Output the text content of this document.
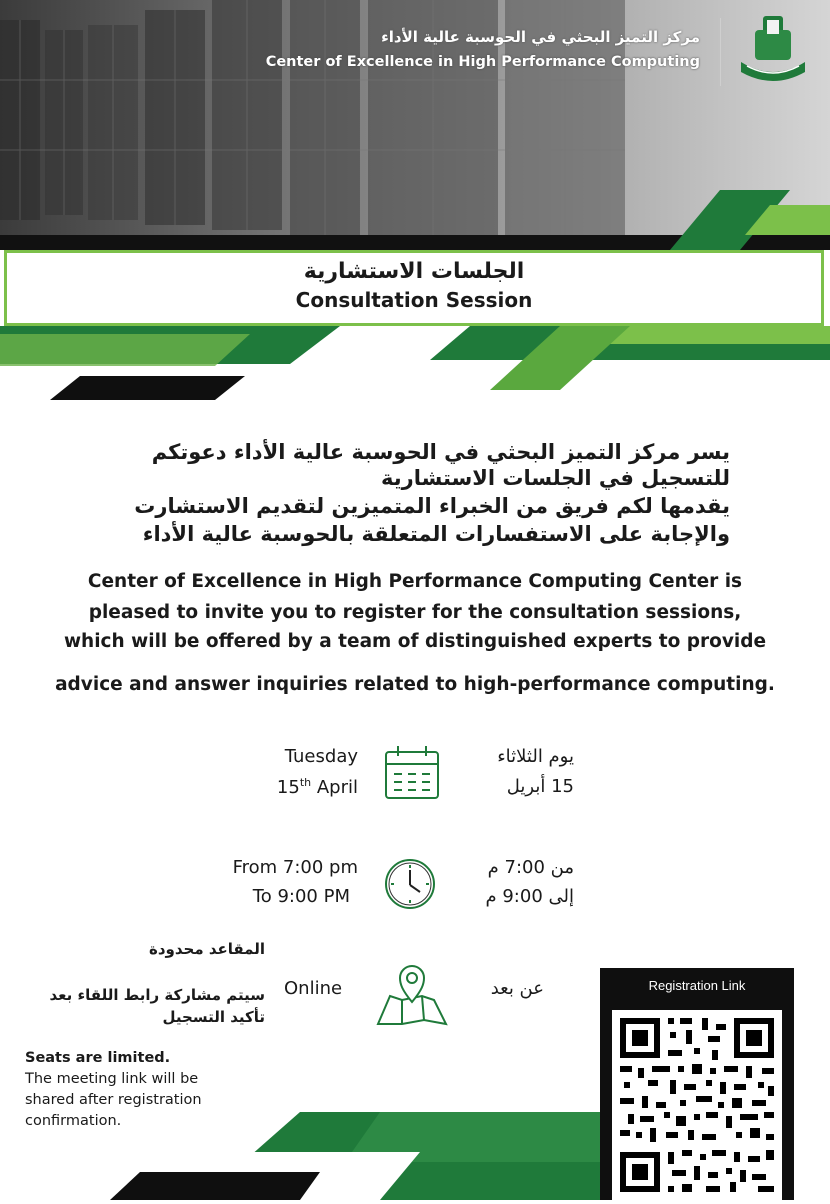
مركز التميز البحثي في الحوسبة عالية الأداء
Center of Excellence in High Performance Computing
الجلسات الاستشارية
Consultation Session
يسر مركز التميز البحثي في الحوسبة عالية الأداء دعوتكم
للتسجيل في الجلسات الاستشارية
يقدمها لكم فريق من الخبراء المتميزين لتقديم الاستشارت
والإجابة على الاستفسارات المتعلقة بالحوسبة عالية الأداء
Center of Excellence in High Performance Computing Center is
pleased to invite you to register for the consultation sessions,
which will be offered by a team of distinguished experts to provide
advice and answer inquiries related to high-performance computing.
Tuesday
15th April
يوم الثلاثاء
15 أبريل
From 7:00 pm
To 9:00 PM
من 7:00 م
إلى 9:00 م
المقاعد محدودة
سيتم مشاركة رابط اللقاء بعد
تأكيد التسجيل
Online	عن بعد
Seats are limited.
The meeting link will be
shared after registration
confirmation.
Registration Link
